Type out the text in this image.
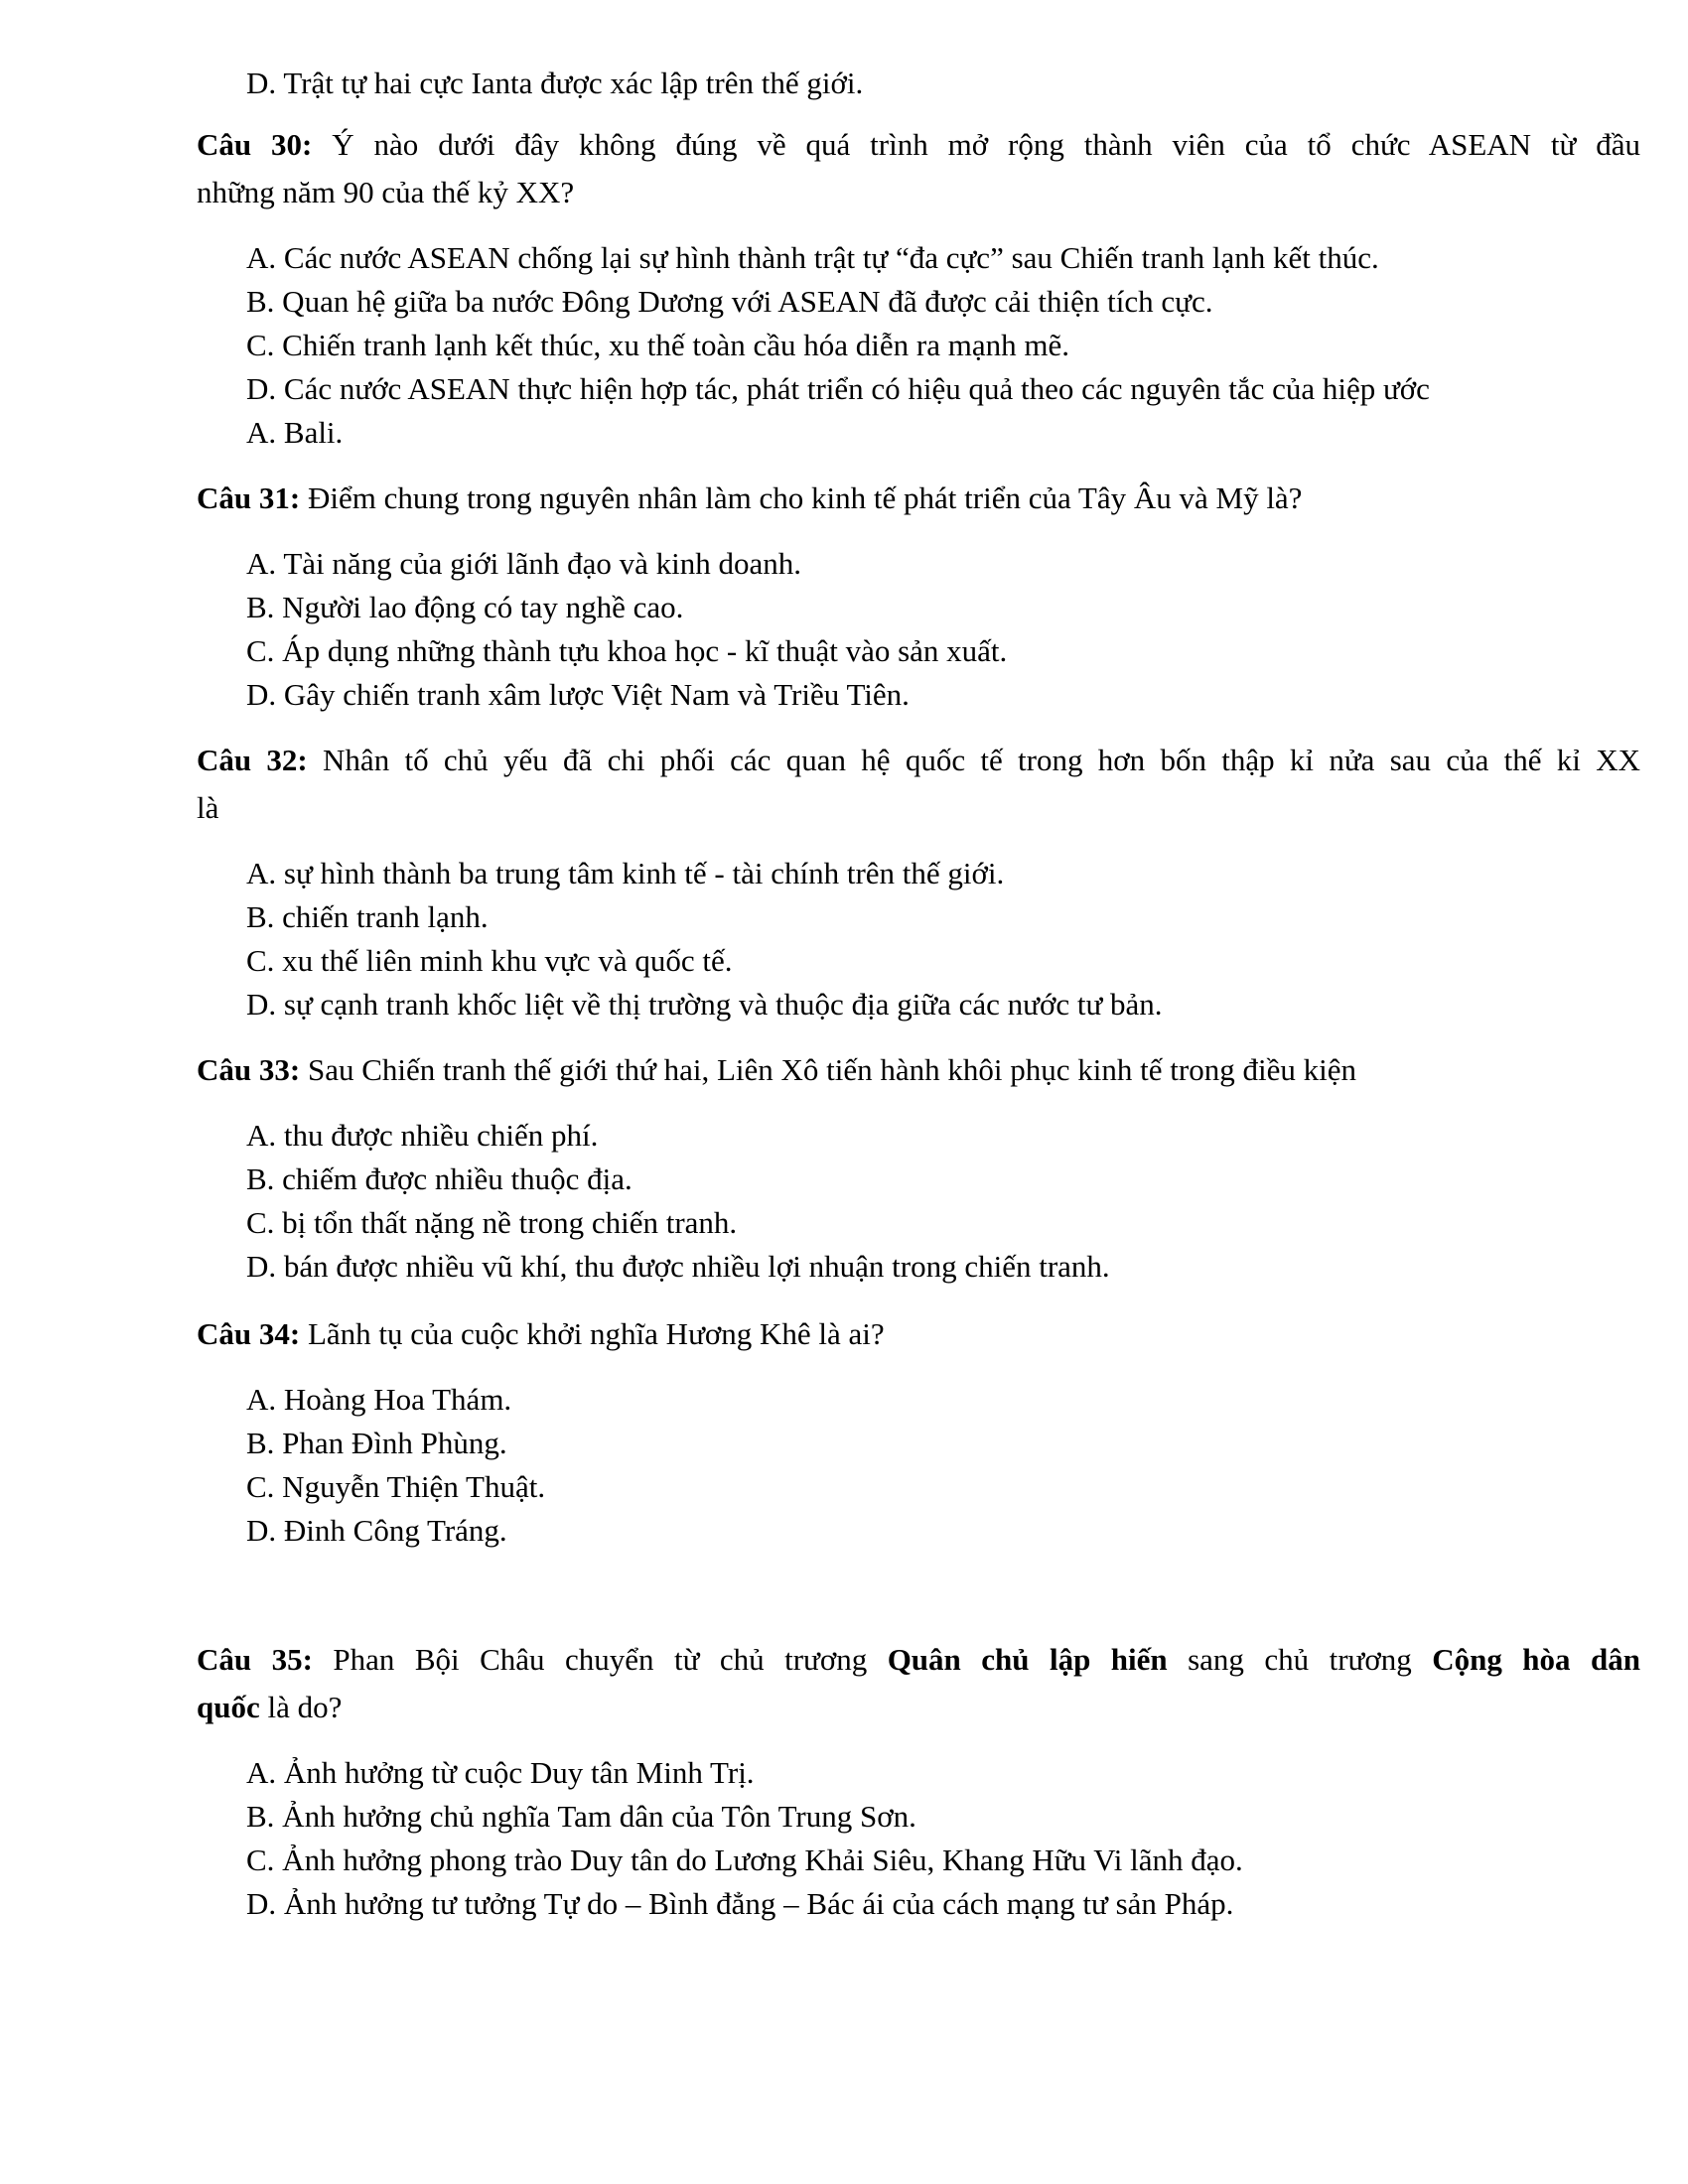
D. Trật tự hai cực Ianta được xác lập trên thế giới.
Câu 30: Ý nào dưới đây không đúng về quá trình mở rộng thành viên của tổ chức ASEAN từ đầu
những năm 90 của thế kỷ XX?
A. Các nước ASEAN chống lại sự hình thành trật tự “đa cực” sau Chiến tranh lạnh kết thúc.
B. Quan hệ giữa ba nước Đông Dương với ASEAN đã được cải thiện tích cực.
C. Chiến tranh lạnh kết thúc, xu thế toàn cầu hóa diễn ra mạnh mẽ.
D. Các nước ASEAN thực hiện hợp tác, phát triển có hiệu quả theo các nguyên tắc của hiệp ước
A. Bali.
Câu 31: Điểm chung trong nguyên nhân làm cho kinh tế phát triển của Tây Âu và Mỹ là?
A. Tài năng của giới lãnh đạo và kinh doanh.
B. Người lao động có tay nghề cao.
C. Áp dụng những thành tựu khoa học - kĩ thuật vào sản xuất.
D. Gây chiến tranh xâm lược Việt Nam và Triều Tiên.
Câu 32: Nhân tố chủ yếu đã chi phối các quan hệ quốc tế trong hơn bốn thập kỉ nửa sau của thế kỉ XX
là
A. sự hình thành ba trung tâm kinh tế - tài chính trên thế giới.
B. chiến tranh lạnh.
C. xu thế liên minh khu vực và quốc tế.
D. sự cạnh tranh khốc liệt về thị trường và thuộc địa giữa các nước tư bản.
Câu 33: Sau Chiến tranh thế giới thứ hai, Liên Xô tiến hành khôi phục kinh tế trong điều kiện
A. thu được nhiều chiến phí.
B. chiếm được nhiều thuộc địa.
C. bị tổn thất nặng nề trong chiến tranh.
D. bán được nhiều vũ khí, thu được nhiều lợi nhuận trong chiến tranh.
Câu 34: Lãnh tụ của cuộc khởi nghĩa Hương Khê là ai?
A. Hoàng Hoa Thám.
B. Phan Đình Phùng.
C. Nguyễn Thiện Thuật.
D. Đinh Công Tráng.
Câu 35: Phan Bội Châu chuyển từ chủ trương Quân chủ lập hiến sang chủ trương Cộng hòa dân
quốc là do?
A. Ảnh hưởng từ cuộc Duy tân Minh Trị.
B. Ảnh hưởng chủ nghĩa Tam dân của Tôn Trung Sơn.
C. Ảnh hưởng phong trào Duy tân do Lương Khải Siêu, Khang Hữu Vi lãnh đạo.
D. Ảnh hưởng tư tưởng Tự do – Bình đẳng – Bác ái của cách mạng tư sản Pháp.
